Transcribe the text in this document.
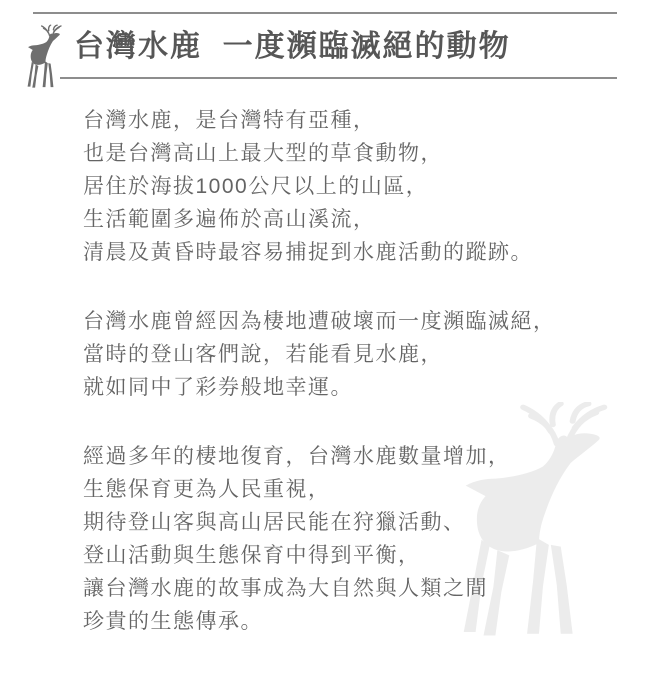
台灣水鹿  一度瀕臨滅絕的動物
台灣水鹿，是台灣特有亞種，
也是台灣高山上最大型的草食動物，
居住於海拔1000公尺以上的山區，
生活範圍多遍佈於高山溪流，
清晨及黃昏時最容易捕捉到水鹿活動的蹤跡。
台灣水鹿曾經因為棲地遭破壞而一度瀕臨滅絕，
當時的登山客們說，若能看見水鹿，
就如同中了彩券般地幸運。
經過多年的棲地復育，台灣水鹿數量增加，
生態保育更為人民重視，
期待登山客與高山居民能在狩獵活動、
登山活動與生態保育中得到平衡，
讓台灣水鹿的故事成為大自然與人類之間
珍貴的生態傳承。
